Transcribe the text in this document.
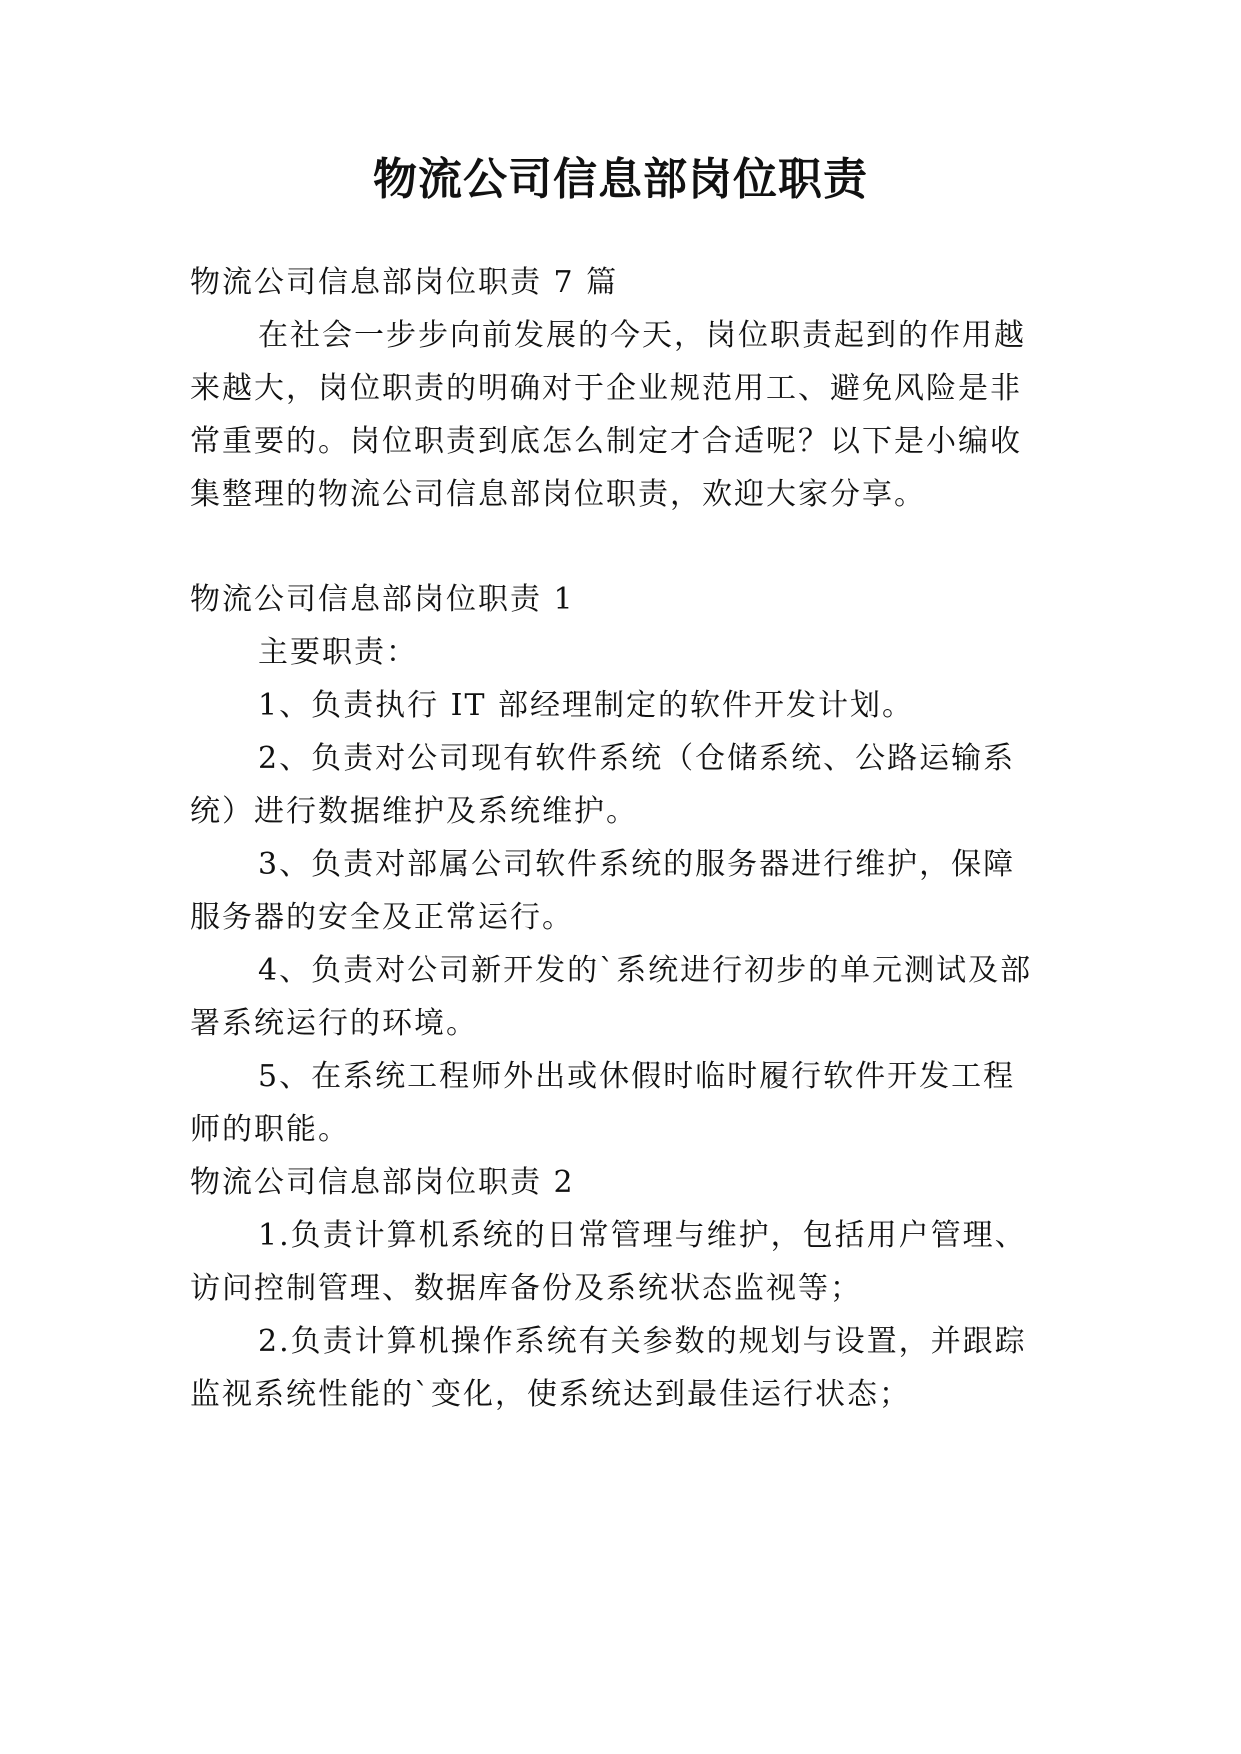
物流公司信息部岗位职责
物流公司信息部岗位职责 7 篇
在社会一步步向前发展的今天，岗位职责起到的作用越
来越大，岗位职责的明确对于企业规范用工、避免风险是非
常重要的。岗位职责到底怎么制定才合适呢？以下是小编收
集整理的物流公司信息部岗位职责，欢迎大家分享。
物流公司信息部岗位职责 1
主要职责：
1、负责执行 IT 部经理制定的软件开发计划。
2、负责对公司现有软件系统（仓储系统、公路运输系
统）进行数据维护及系统维护。
3、负责对部属公司软件系统的服务器进行维护，保障
服务器的安全及正常运行。
4、负责对公司新开发的`系统进行初步的单元测试及部
署系统运行的环境。
5、在系统工程师外出或休假时临时履行软件开发工程
师的职能。
物流公司信息部岗位职责 2
1.负责计算机系统的日常管理与维护，包括用户管理、
访问控制管理、数据库备份及系统状态监视等；
2.负责计算机操作系统有关参数的规划与设置，并跟踪
监视系统性能的`变化，使系统达到最佳运行状态；
